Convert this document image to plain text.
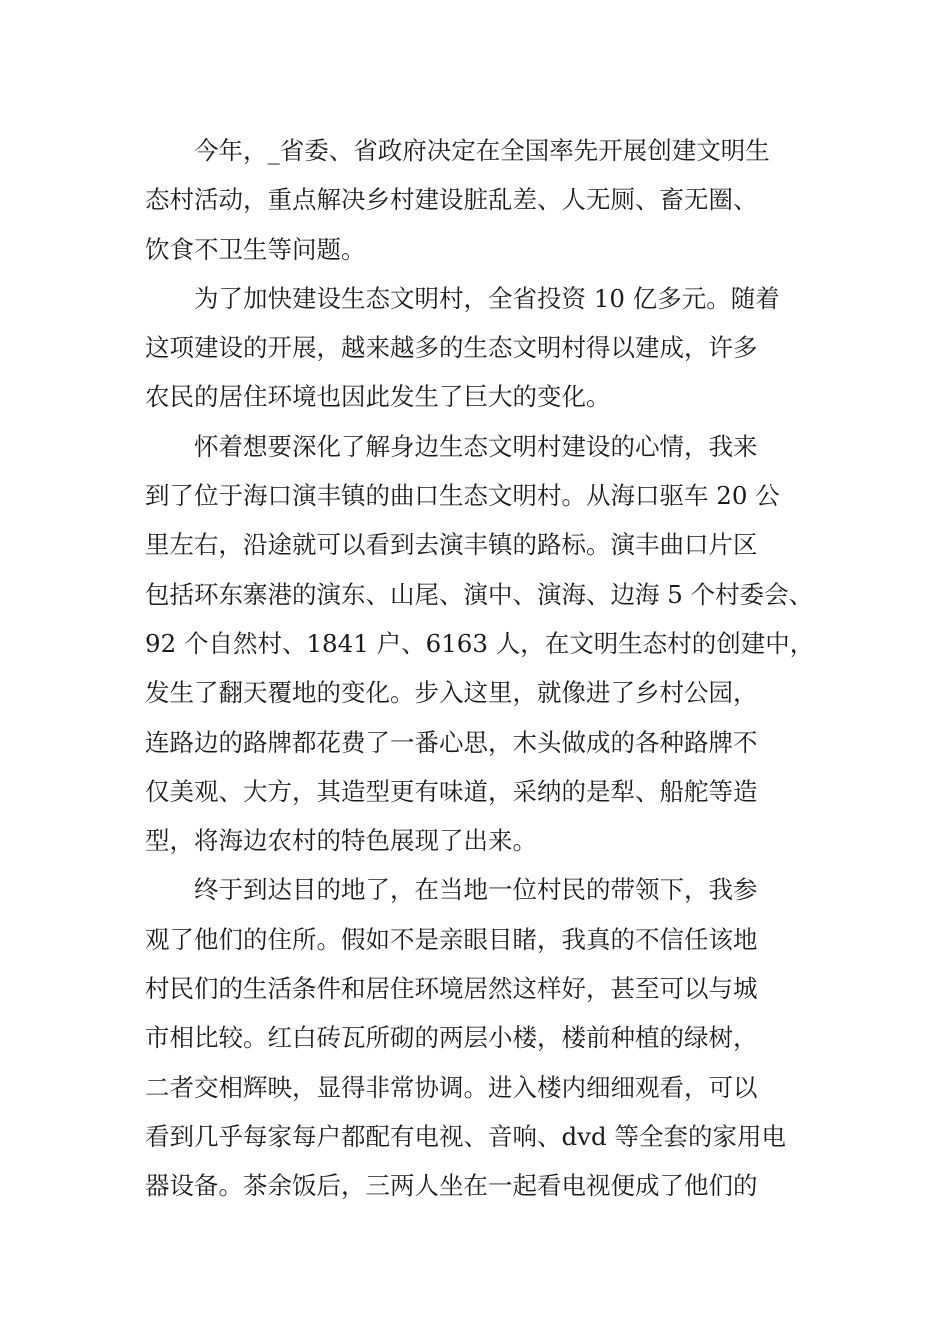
今年，_省委、省政府决定在全国率先开展创建文明生
态村活动，重点解决乡村建设脏乱差、人无厕、畜无圈、
饮食不卫生等问题。
为了加快建设生态文明村，全省投资 10 亿多元。随着
这项建设的开展，越来越多的生态文明村得以建成，许多
农民的居住环境也因此发生了巨大的变化。
怀着想要深化了解身边生态文明村建设的心情，我来
到了位于海口演丰镇的曲口生态文明村。从海口驱车 20 公
里左右，沿途就可以看到去演丰镇的路标。演丰曲口片区
包括环东寨港的演东、山尾、演中、演海、边海 5 个村委会、
92 个自然村、1841 户、6163 人，在文明生态村的创建中，
发生了翻天覆地的变化。步入这里，就像进了乡村公园，
连路边的路牌都花费了一番心思，木头做成的各种路牌不
仅美观、大方，其造型更有味道，采纳的是犁、船舵等造
型，将海边农村的特色展现了出来。
终于到达目的地了，在当地一位村民的带领下，我参
观了他们的住所。假如不是亲眼目睹，我真的不信任该地
村民们的生活条件和居住环境居然这样好，甚至可以与城
市相比较。红白砖瓦所砌的两层小楼，楼前种植的绿树，
二者交相辉映，显得非常协调。进入楼内细细观看，可以
看到几乎每家每户都配有电视、音响、dvd 等全套的家用电
器设备。茶余饭后，三两人坐在一起看电视便成了他们的
